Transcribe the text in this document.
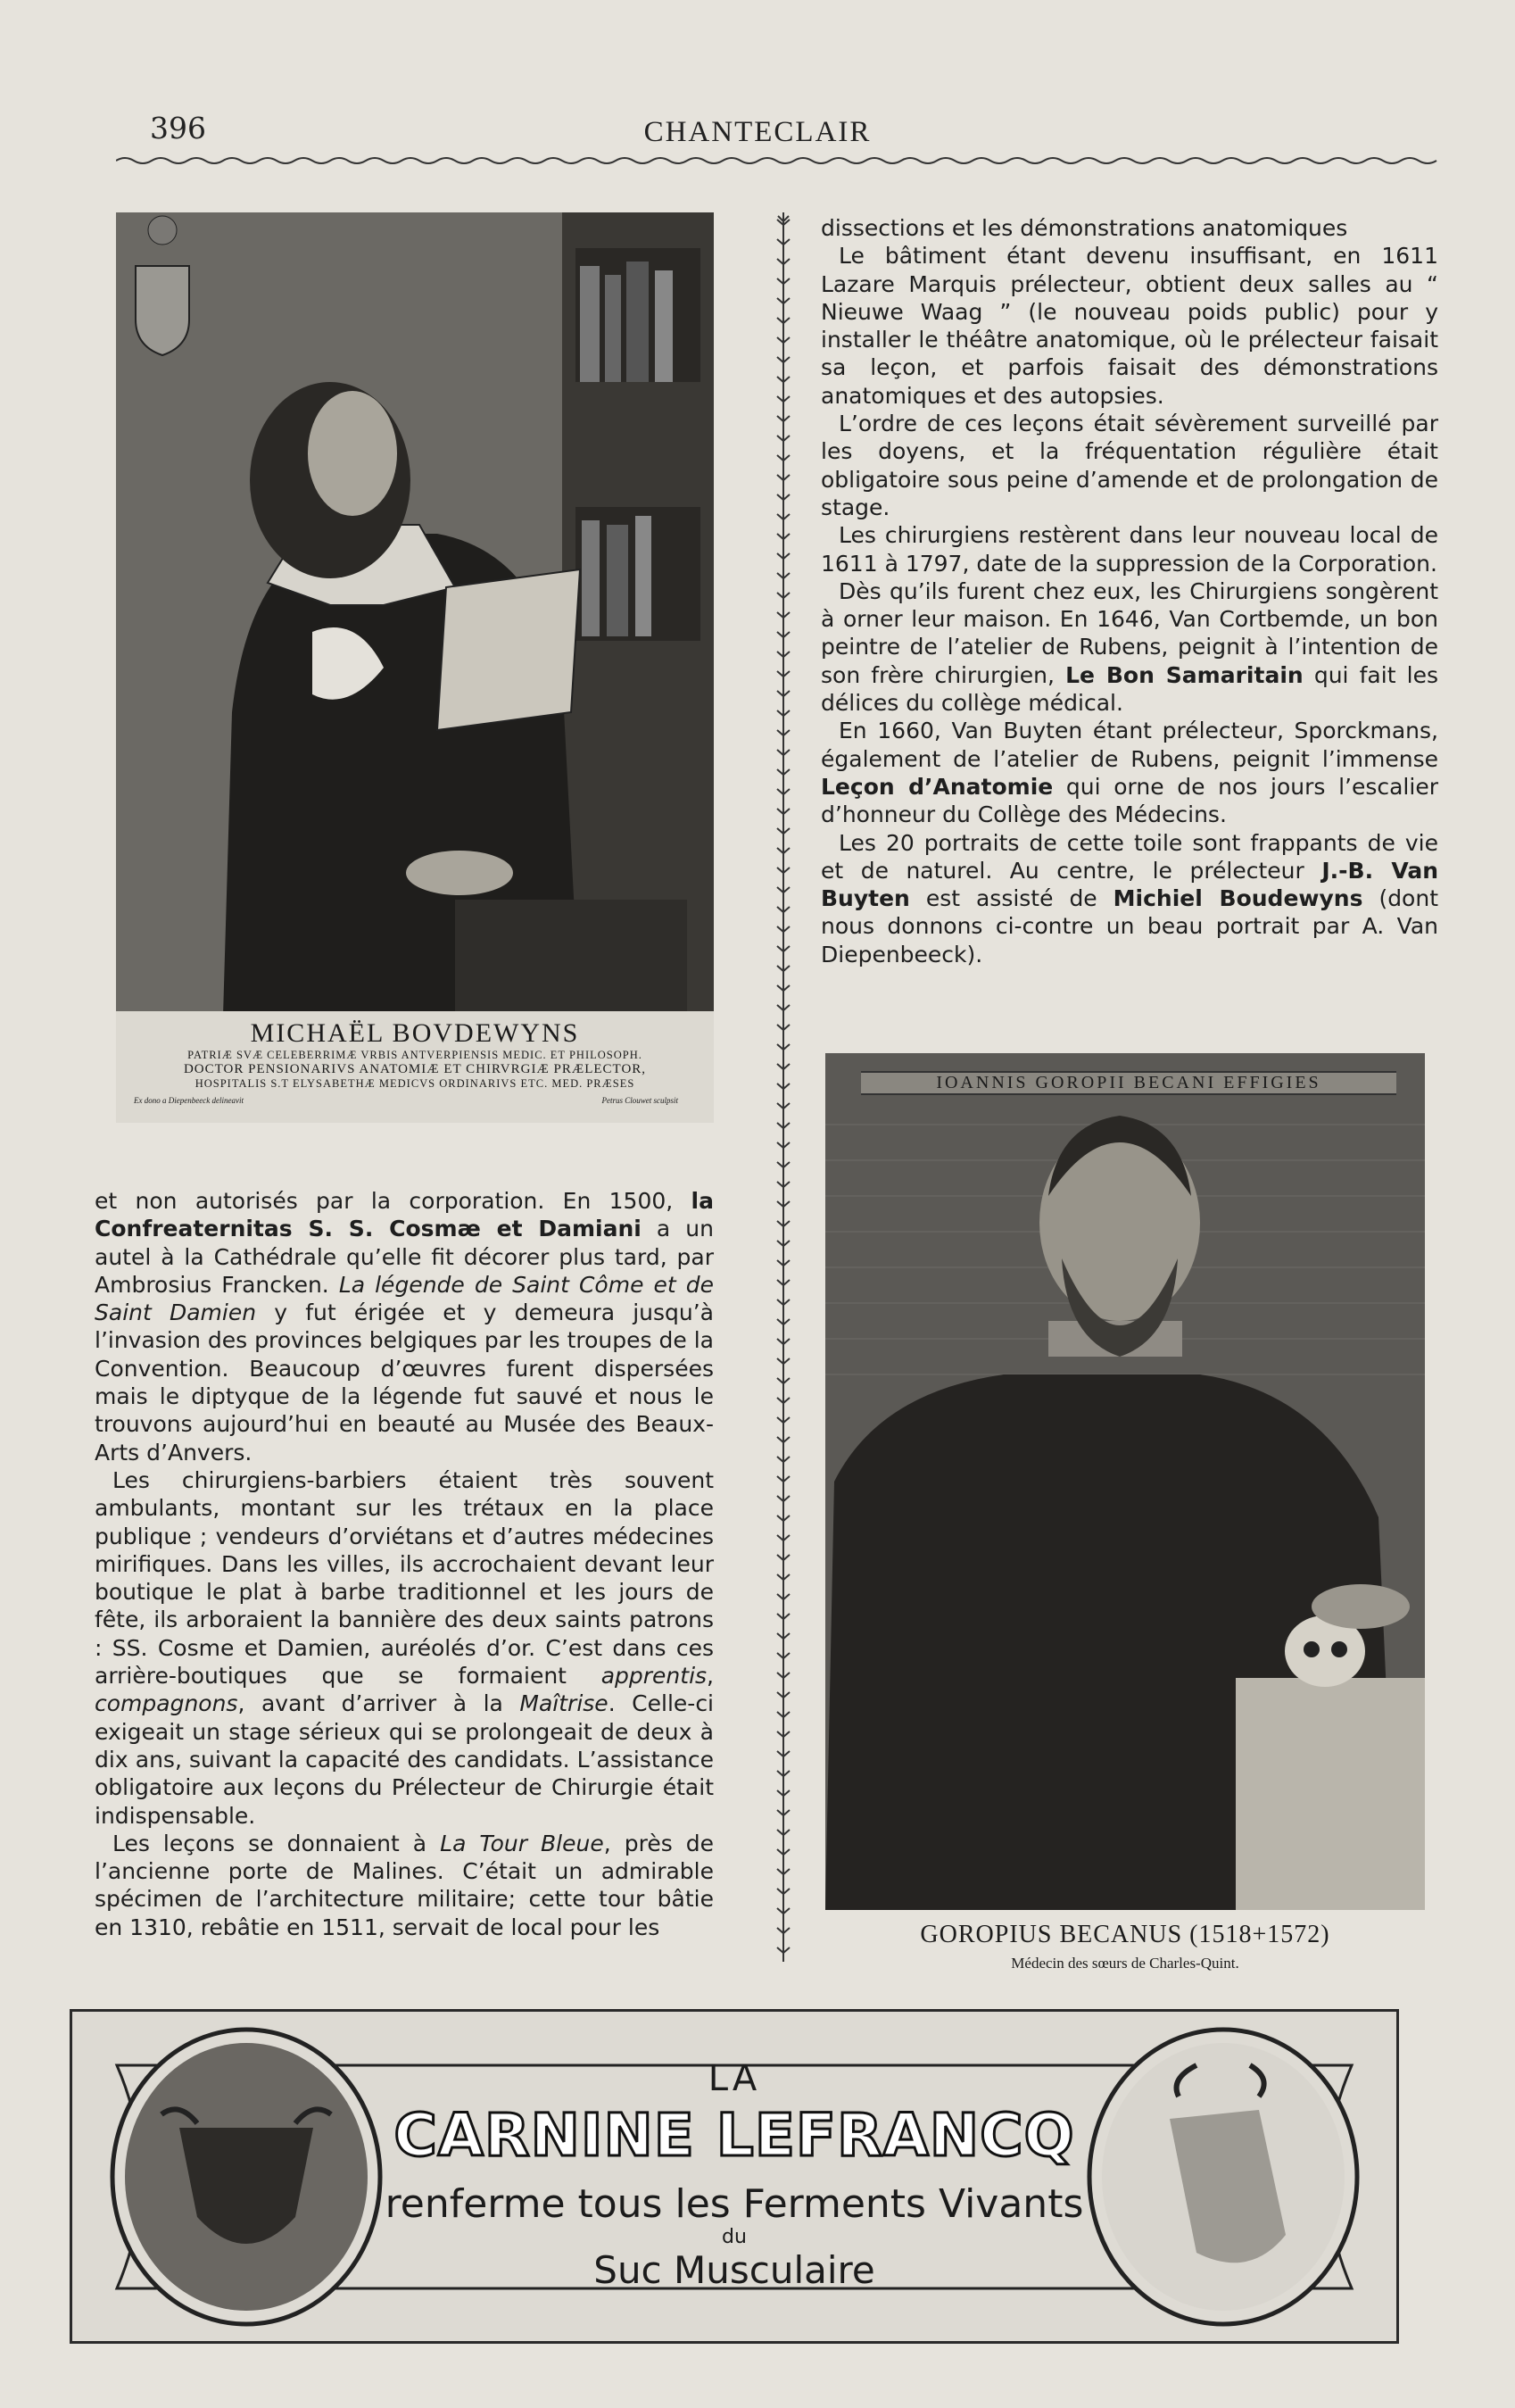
396	CHANTECLAIR
MICHAËL BOVDEWYNS
PATRIÆ SVÆ CELEBERRIMÆ VRBIS ANTVERPIENSIS MEDIC. ET PHILOSOPH.
DOCTOR PENSIONARIVS ANATOMIÆ ET CHIRVRGIÆ PRÆLECTOR,
HOSPITALIS S.T ELYSABETHÆ MEDICVS ORDINARIVS ETC. MED. PRÆSES
Ex dono a Diepenbeeck delineavit	Petrus Clouwet sculpsit

dissections et les démonstrations anatomiques

Le bâtiment étant devenu insuffisant, en 1611 Lazare Marquis prélecteur, obtient deux salles au “ Nieuwe Waag ” (le nouveau poids public) pour y installer le théâtre anatomique, où le prélecteur faisait sa leçon, et parfois faisait des démonstrations anatomiques et des autopsies.

L’ordre de ces leçons était sévèrement surveillé par les doyens, et la fréquentation régulière était obligatoire sous peine d’amende et de prolongation de stage.

Les chirurgiens restèrent dans leur nouveau local de 1611 à 1797, date de la suppression de la Corporation.

Dès qu’ils furent chez eux, les Chirurgiens songèrent à orner leur maison. En 1646, Van Cortbemde, un bon peintre de l’atelier de Rubens, peignit à l’intention de son frère chirurgien, Le Bon Samaritain qui fait les délices du collège médical.

En 1660, Van Buyten étant prélecteur, Sporckmans, également de l’atelier de Rubens, peignit l’immense Leçon d’Anatomie qui orne de nos jours l’escalier d’honneur du Collège des Médecins.

Les 20 portraits de cette toile sont frappants de vie et de naturel. Au centre, le prélecteur J.-B. Van Buyten est assisté de Michiel Boudewyns (dont nous donnons ci-contre un beau portrait par A. Van Diepenbeeck).

IOANNIS GOROPII BECANI EFFIGIES
GOROPIUS BECANUS (1518+1572)
Médecin des sœurs de Charles-Quint.

et non autorisés par la corporation. En 1500, la Confreaternitas S. S. Cosmæ et Damiani a un autel à la Cathédrale qu’elle fit décorer plus tard, par Ambrosius Francken. La légende de Saint Côme et de Saint Damien y fut érigée et y demeura jusqu’à l’invasion des provinces belgiques par les troupes de la Convention. Beaucoup d’œuvres furent dispersées mais le diptyque de la légende fut sauvé et nous le trouvons aujourd’hui en beauté au Musée des Beaux-Arts d’Anvers.

Les chirurgiens-barbiers étaient très souvent ambulants, montant sur les trétaux en la place publique ; vendeurs d’orviétans et d’autres médecines mirifiques. Dans les villes, ils accrochaient devant leur boutique le plat à barbe traditionnel et les jours de fête, ils arboraient la bannière des deux saints patrons : SS. Cosme et Damien, auréolés d’or. C’est dans ces arrière-boutiques que se formaient apprentis, compagnons, avant d’arriver à la Maîtrise. Celle-ci exigeait un stage sérieux qui se prolongeait de deux à dix ans, suivant la capacité des candidats. L’assistance obligatoire aux leçons du Prélecteur de Chirurgie était indispensable.

Les leçons se donnaient à La Tour Bleue, près de l’ancienne porte de Malines. C’était un admirable spécimen de l’architecture militaire; cette tour bâtie en 1310, rebâtie en 1511, servait de local pour les

LA
CARNINE LEFRANCQ
renferme tous les Ferments Vivants
du
Suc Musculaire
